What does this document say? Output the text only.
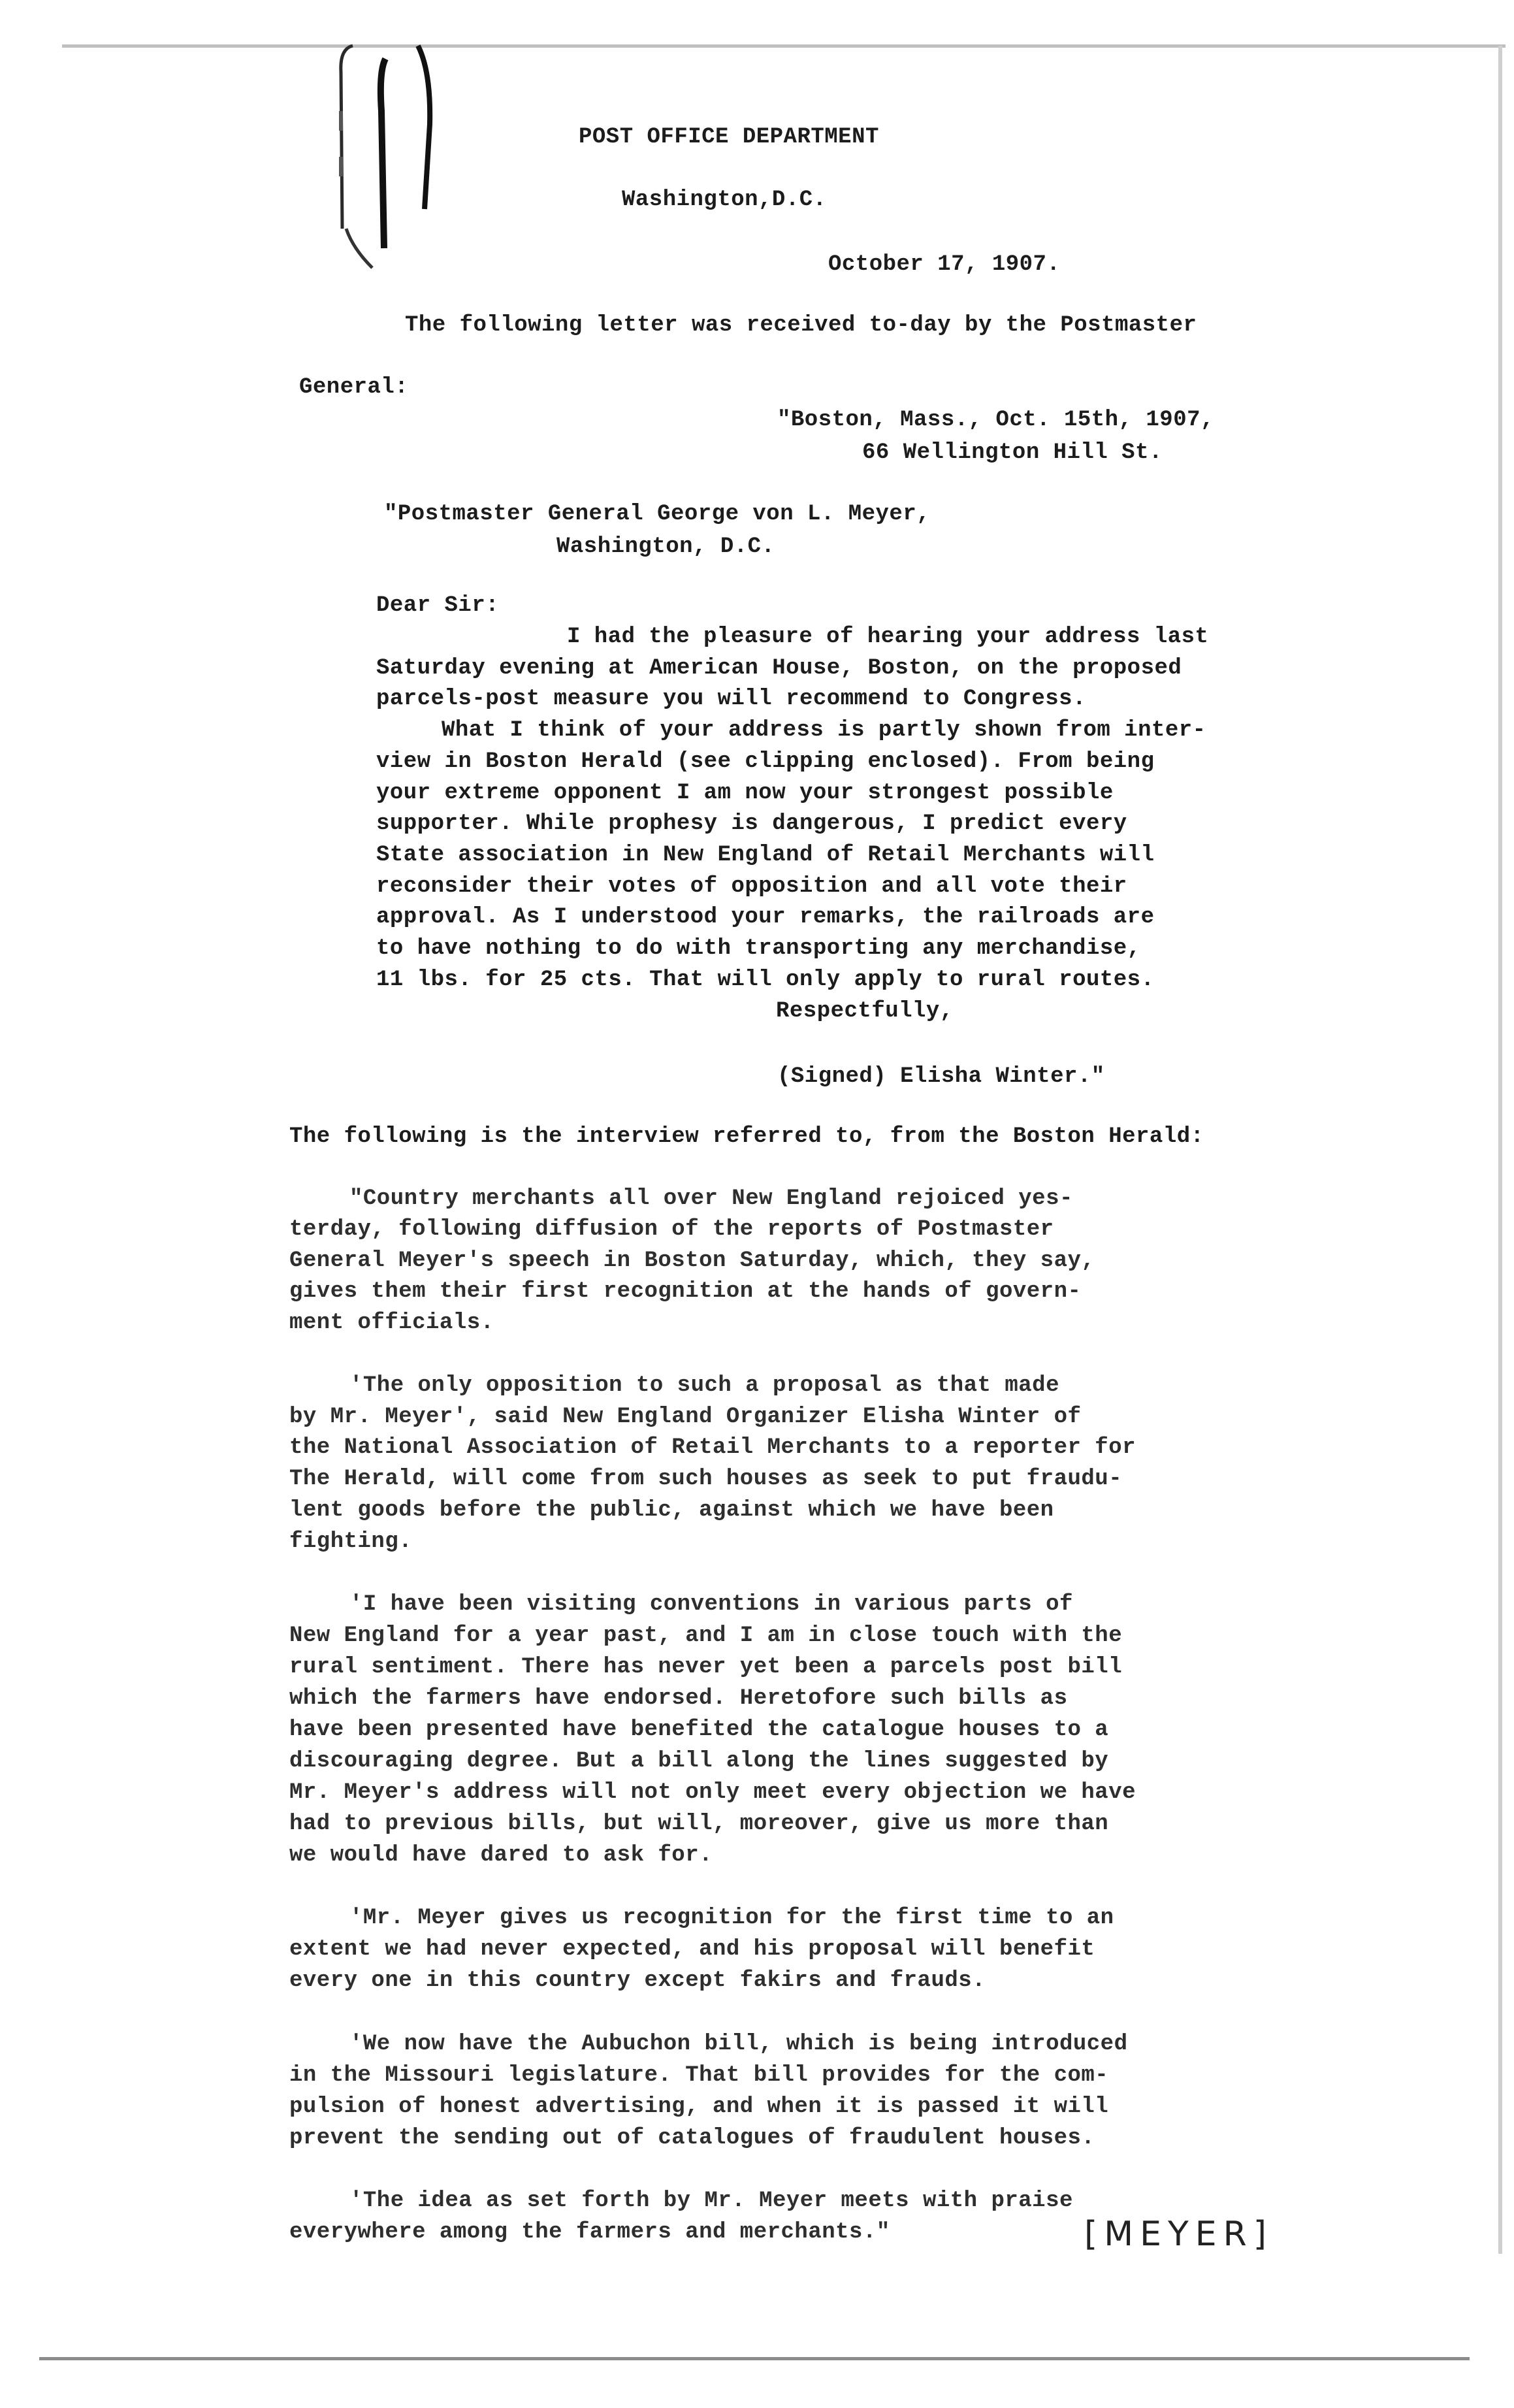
POST OFFICE DEPARTMENT

Washington,D.C.

October 17, 1907.

The following letter was received to-day by the Postmaster

General:

"Boston, Mass., Oct. 15th, 1907,

66 Wellington Hill St.

"Postmaster General George von L. Meyer,

Washington, D.C.

Dear Sir:

I had the pleasure of hearing your address last

Saturday evening at American House, Boston, on the proposed

parcels-post measure you will recommend to Congress.

What I think of your address is partly shown from inter-

view in Boston Herald (see clipping enclosed). From being

your extreme opponent I am now your strongest possible

supporter. While prophesy is dangerous, I predict every

State association in New England of Retail Merchants will

reconsider their votes of opposition and all vote their

approval. As I understood your remarks, the railroads are

to have nothing to do with transporting any merchandise,

11 lbs. for 25 cts. That will only apply to rural routes.

Respectfully,

(Signed) Elisha Winter."

The following is the interview referred to, from the Boston Herald:

"Country merchants all over New England rejoiced yes-

terday, following diffusion of the reports of Postmaster

General Meyer's speech in Boston Saturday, which, they say,

gives them their first recognition at the hands of govern-

ment officials.

'The only opposition to such a proposal as that made

by Mr. Meyer', said New England Organizer Elisha Winter of

the National Association of Retail Merchants to a reporter for

The Herald, will come from such houses as seek to put fraudu-

lent goods before the public, against which we have been

fighting.

'I have been visiting conventions in various parts of

New England for a year past, and I am in close touch with the

rural sentiment. There has never yet been a parcels post bill

which the farmers have endorsed. Heretofore such bills as

have been presented have benefited the catalogue houses to a

discouraging degree. But a bill along the lines suggested by

Mr. Meyer's address will not only meet every objection we have

had to previous bills, but will, moreover, give us more than

we would have dared to ask for.

'Mr. Meyer gives us recognition for the first time to an

extent we had never expected, and his proposal will benefit

every one in this country except fakirs and frauds.

'We now have the Aubuchon bill, which is being introduced

in the Missouri legislature. That bill provides for the com-

pulsion of honest advertising, and when it is passed it will

prevent the sending out of catalogues of fraudulent houses.

'The idea as set forth by Mr. Meyer meets with praise

everywhere among the farmers and merchants."	[MEYER]
